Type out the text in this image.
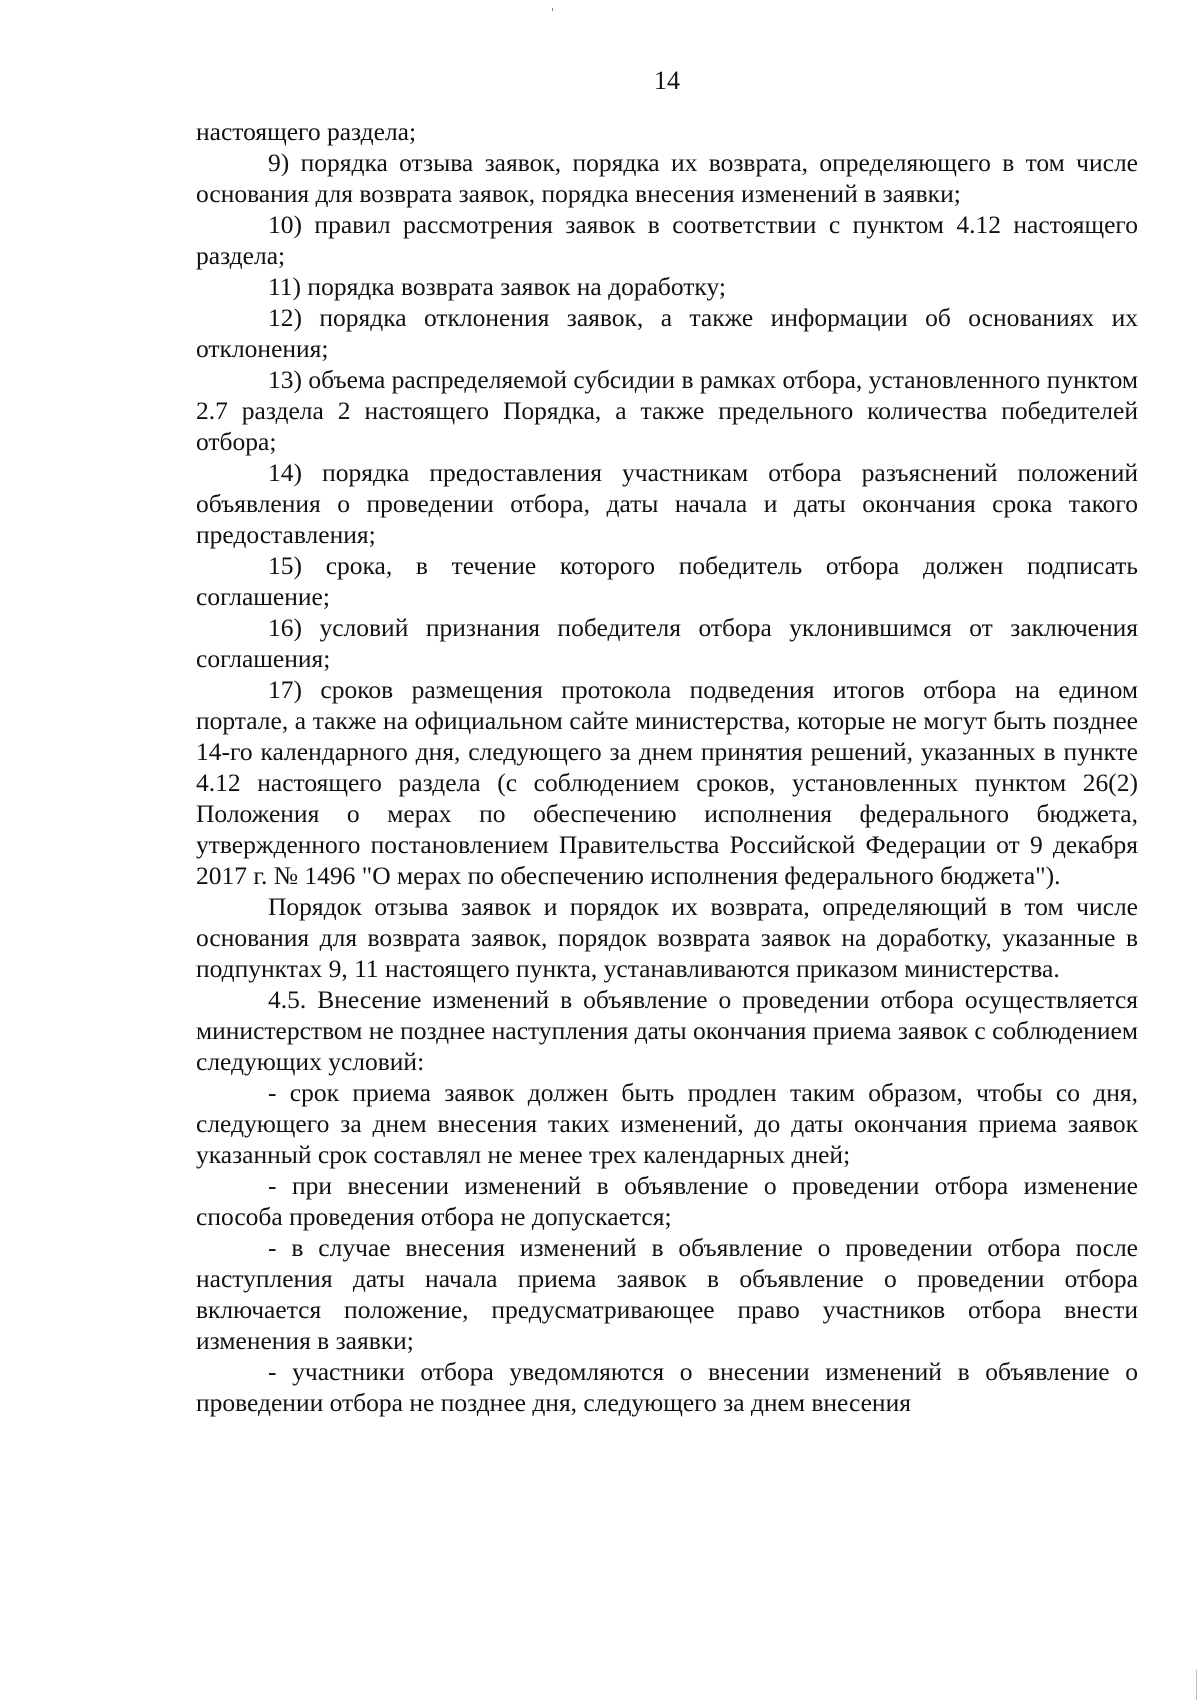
14

настоящего раздела;

9) порядка отзыва заявок, порядка их возврата, определяющего в том числе основания для возврата заявок, порядка внесения изменений в заявки;

10) правил рассмотрения заявок в соответствии с пунктом 4.12 настоящего раздела;

11) порядка возврата заявок на доработку;

12) порядка отклонения заявок, а также информации об основаниях их отклонения;

13) объема распределяемой субсидии в рамках отбора, установленного пунктом 2.7 раздела 2 настоящего Порядка, а также предельного количества победителей отбора;

14) порядка предоставления участникам отбора разъяснений положений объявления о проведении отбора, даты начала и даты окончания срока такого предоставления;

15) срока, в течение которого победитель отбора должен подписать соглашение;

16) условий признания победителя отбора уклонившимся от заключения соглашения;

17) сроков размещения протокола подведения итогов отбора на едином портале, а также на официальном сайте министерства, которые не могут быть позднее 14-го календарного дня, следующего за днем принятия решений, указанных в пункте 4.12 настоящего раздела (с соблюдением сроков, установленных пунктом 26(2) Положения о мерах по обеспечению исполнения федерального бюджета, утвержденного постановлением Правительства Российской Федерации от 9 декабря 2017 г. № 1496 "О мерах по обеспечению исполнения федерального бюджета").

Порядок отзыва заявок и порядок их возврата, определяющий в том числе основания для возврата заявок, порядок возврата заявок на доработку, указанные в подпунктах 9, 11 настоящего пункта, устанавливаются приказом министерства.

4.5. Внесение изменений в объявление о проведении отбора осуществляется министерством не позднее наступления даты окончания приема заявок с соблюдением следующих условий:

- срок приема заявок должен быть продлен таким образом, чтобы со дня, следующего за днем внесения таких изменений, до даты окончания приема заявок указанный срок составлял не менее трех календарных дней;

- при внесении изменений в объявление о проведении отбора изменение способа проведения отбора не допускается;

- в случае внесения изменений в объявление о проведении отбора после наступления даты начала приема заявок в объявление о проведении отбора включается положение, предусматривающее право участников отбора внести изменения в заявки;

- участники отбора уведомляются о внесении изменений в объявление о проведении отбора не позднее дня, следующего за днем внесения
